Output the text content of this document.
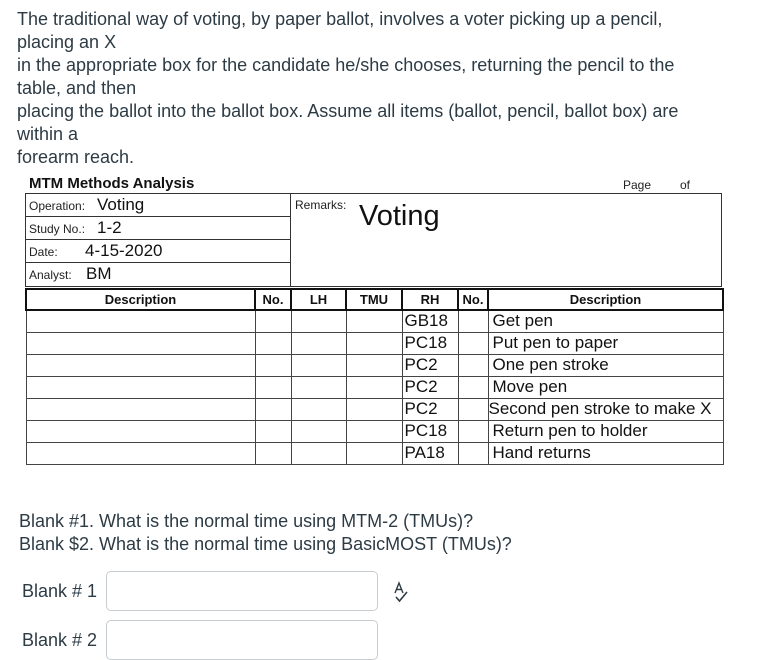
The traditional way of voting, by paper ballot, involves a voter picking up a pencil,
placing an X
in the appropriate box for the candidate he/she chooses, returning the pencil to the
table, and then
placing the ballot into the ballot box. Assume all items (ballot, pencil, ballot box) are
within a
forearm reach.
MTM Methods Analysis	Page of
Operation: Voting
Study No.: 1-2
Date: 4-15-2020
Analyst: BM
Remarks: Voting
Description	No.	LH	TMU	RH	No.	Description
				GB18		Get pen
				PC18		Put pen to paper
				PC2		One pen stroke
				PC2		Move pen
				PC2		Second pen stroke to make X
				PC18		Return pen to holder
				PA18		Hand returns
Blank #1. What is the normal time using MTM-2 (TMUs)?
Blank $2. What is the normal time using BasicMOST (TMUs)?
Blank # 1
Blank # 2
